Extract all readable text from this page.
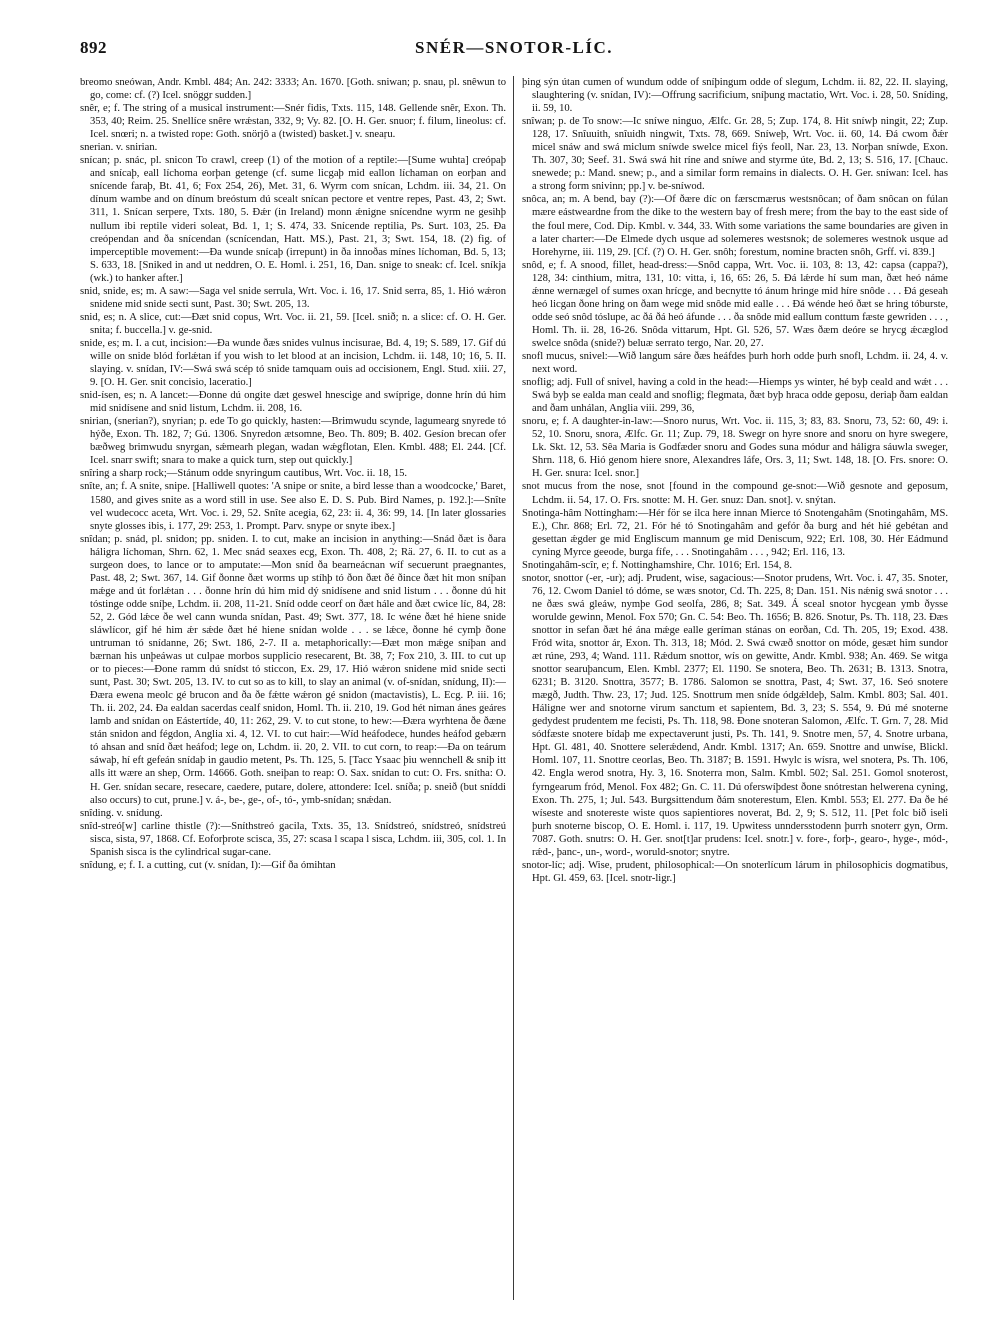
892	SNÉR—SNOTOR-LÍC.

breomo sneówan, Andr. Kmbl. 484; An. 242: 3333; An. 1670. [Goth. sniwan; p. snau, pl. snêwun to go, come: cf. (?) Icel. snöggr sudden.]

snêr, e; f. The string of a musical instrument:—Snér fidis, Txts. 115, 148. Gellende snêr, Exon. Th. 353, 40; Reim. 25. Snellíce snêre wrǽstan, 332, 9; Vy. 82. [O. H. Ger. snuor; f. filum, lineolus: cf. Icel. snœri; n. a twisted rope: Goth. snörjô a (twisted) basket.] v. sneaṛu.

snerian. v. snirian.

snícan; p. snác, pl. snicon To crawl, creep (1) of the motion of a reptile:—[Sume wuhta] creópaþ and snícaþ, eall líchoma eorþan getenge (cf. sume licgaþ mid eallon líchaman on eorþan and snícende faraþ, Bt. 41, 6; Fox 254, 26), Met. 31, 6. Wyrm com snícan, Lchdm. iii. 34, 21. On dínum wambe and on dínum breóstum dú scealt snícan pectore et ventre repes, Past. 43, 2; Swt. 311, 1. Snícan serpere, Txts. 180, 5. Ðǽr (in Ireland) monn ǽnigne snícendne wyrm ne gesihþ nullum ibi reptile videri soleat, Bd. 1, 1; S. 474, 33. Snícende reptilia, Ps. Surt. 103, 25. Ða creópendan and ða snícendan (scnícendan, Hatt. MS.), Past. 21, 3; Swt. 154, 18. (2) fig. of imperceptible movement:—Ða wunde snícaþ (irrepunt) in ða innoðas mínes líchoman, Bd. 5, 13; S. 633, 18. [Sniked in and ut neddren, O. E. Homl. i. 251, 16, Dan. snige to sneak: cf. Icel. sníkja (wk.) to hanker after.]

snid, snide, es; m. A saw:—Saga vel snide serrula, Wrt. Voc. i. 16, 17. Snid serra, 85, 1. Hió wǽron snidene mid snide secti sunt, Past. 30; Swt. 205, 13.

snid, es; n. A slice, cut:—Ðæt snid copus, Wrt. Voc. ii. 21, 59. [Icel. snið; n. a slice: cf. O. H. Ger. snita; f. buccella.] v. ge-snid.

snide, es; m. I. a cut, incision:—Ða wunde ðæs snides vulnus incisurae, Bd. 4, 19; S. 589, 17. Gif dú wille on snide blód forlǽtan if you wish to let blood at an incision, Lchdm. ii. 148, 10; 16, 5. II. slaying. v. snídan, IV:—Swá swá scép tó snide tamquam ouis ad occisionem, Engl. Stud. xiii. 27, 9. [O. H. Ger. snit concisio, laceratio.]

snid-ísen, es; n. A lancet:—Ðonne dú ongite dæt geswel hnescige and swíprige, donne hrín dú him mid snidísene and snid listum, Lchdm. ii. 208, 16.

snirian, (snerian?), snyrian; p. ede To go quickly, hasten:—Brimwudu scynde, lagumearg snyrede tó hýðe, Exon. Th. 182, 7; Gú. 1306. Snyredon ætsomne, Beo. Th. 809; B. 402. Gesíon brecan ofer bæðweg brimwudu snyrgan, sǽmearh plegan, wadan wǽgflotan, Elen. Kmbl. 488; El. 244. [Cf. Icel. snarr swift; snara to make a quick turn, step out quickly.]

snîring a sharp rock;—Stánum odde snyringum cautibus, Wrt. Voc. ii. 18, 15.

snîte, an; f. A snite, snipe. [Halliwell quotes: 'A snipe or snite, a bird lesse than a woodcocke,' Baret, 1580, and gives snite as a word still in use. See also E. D. S. Pub. Bird Names, p. 192.]:—Snîte vel wudecocc aceta, Wrt. Voc. i. 29, 52. Snîte acegia, 62, 23: ii. 4, 36: 99, 14. [In later glossaries snyte glosses ibis, i. 177, 29: 253, 1. Prompt. Parv. snype or snyte ibex.]

snîdan; p. snád, pl. snidon; pp. sniden. I. to cut, make an incision in anything:—Snád ðæt is ðara háligra líchoman, Shrn. 62, 1. Mec snád seaxes ecg, Exon. Th. 408, 2; Rä. 27, 6. II. to cut as a surgeon does, to lance or to amputate:—Mon sníd ða bearneácnan wíf secuerunt praegnantes, Past. 48, 2; Swt. 367, 14. Gif ðonne ðæt worms up stíhþ tó ðon ðæt ðé ðince ðæt hit mon sníþan mǽge and út forlǽtan . . . ðonne hrín dú him mid dý snidísene and snid listum . . . ðonne dú hit tóstinge odde sníþe, Lchdm. ii. 208, 11-21. Sníd odde ceorf on ðæt hále and ðæt cwice líc, 84, 28: 52, 2. Gód lǽce ðe wel cann wunda snídan, Past. 49; Swt. 377, 18. Ic wéne ðæt hé hiene snide sláwlícor, gif hé him ǽr sǽde ðæt hé hiene snídan wolde . . . se lǽce, ðonne hé cymþ ðone untruman tó snídanne, 26; Swt. 186, 2-7. II a. metaphorically:—Ðæt mon mǽge sníþan and bærnan his unþeáwas ut culpae morbos supplicio resecarent, Bt. 38, 7; Fox 210, 3. III. to cut up or to pieces:—Ðone ramm dú snídst tó sticcon, Ex. 29, 17. Hió wǽron snidene mid snide secti sunt, Past. 30; Swt. 205, 13. IV. to cut so as to kill, to slay an animal (v. of-snídan, snídung, II):—Ðæra ewena meolc gé brucon and ða ðe fǽtte wǽron gé snidon (mactavistis), L. Ecg. P. iii. 16; Th. ii. 202, 24. Ða ealdan sacerdas cealf snidon, Homl. Th. ii. 210, 19. God hét niman ánes geáres lamb and snídan on Eástertíde, 40, 11: 262, 29. V. to cut stone, to hew:—Ðæra wyrhtena ðe ðæne stán snidon and fégdon, Anglia xi. 4, 12. VI. to cut hair:—Wíd heáfodece, hundes heáfod gebærn tó ahsan and sníd ðæt heáfod; lege on, Lchdm. ii. 20, 2. VII. to cut corn, to reap:—Ða on teárum sáwaþ, hí eft gefeán snídaþ in gaudio metent, Ps. Th. 125, 5. [Tacc Ysaac þiu wennchell & sniþ itt alls itt wære an shep, Orm. 14666. Goth. sneiþan to reap: O. Sax. snídan to cut: O. Frs. snítha: O. H. Ger. snídan secare, resecare, caedere, putare, dolere, attondere: Icel. sníða; p. sneið (but sníddi also occurs) to cut, prune.] v. á-, be-, ge-, of-, tó-, ymb-snídan; snǽdan.

snîding. v. snídung.

snîd-streó[w] carline thistle (?):—Sníthstreó gacila, Txts. 35, 13. Snídstreó, snídstreó, snídstreú sisca, sista, 97, 1868. Cf. Eoforþrote scisca, 35, 27: scasa l scapa l sisca, Lchdm. iii, 305, col. 1. In Spanish sisca is the cylindrical sugar-cane.

snîdung, e; f. I. a cutting, cut (v. snídan, I):—Gif ða ómihtan

þing sýn útan cumen of wundum odde of sníþingum odde of slegum, Lchdm. ii. 82, 22. II. slaying, slaughtering (v. snídan, IV):—Offrung sacrificium, sníþung mactatio, Wrt. Voc. i. 28, 50. Sníding, ii. 59, 10.

snîwan; p. de To snow:—Ic sníwe ninguo, Ælfc. Gr. 28, 5; Zup. 174, 8. Hit sníwþ ningit, 22; Zup. 128, 17. Snîuuith, snîuidh ningwit, Txts. 78, 669. Sníweþ, Wrt. Voc. ii. 60, 14. Ðá cwom ðǽr micel snáw and swá miclum sníwde swelce micel fiýs feoll, Nar. 23, 13. Norþan sníwde, Exon. Th. 307, 30; Seef. 31. Swá swá hit ríne and sníwe and styrme úte, Bd. 2, 13; S. 516, 17. [Chauc. snewede; p.: Mand. snew; p., and a similar form remains in dialects. O. H. Ger. sníwan: Icel. has a strong form snivinn; pp.] v. be-sníwod.

snôca, an; m. A bend, bay (?):—Of ðære díc on færscmærus westsnôcan; of ðam snôcan on fúlan mære eástweardne from the dike to the western bay of fresh mere; from the bay to the east side of the foul mere, Cod. Dip. Kmbl. v. 344, 33. With some variations the same boundaries are given in a later charter:—De Elmede dych usque ad solemeres westsnok; de solemeres westnok usque ad Horehyrne, iii. 119, 29. [Cf. (?) O. H. Ger. snôh; forestum, nomine bracten snôh, Grff. vi. 839.]

snôd, e; f. A snood, fillet, head-dress:—Snôd cappa, Wrt. Voc. ii. 103, 8: 13, 42: capsa (cappa?), 128, 34: cinthium, mitra, 131, 10: vitta, i, 16, 65: 26, 5. Ðá lǽrde hí sum man, ðæt heó náme ǽnne wernægel of sumes oxan hrícge, and becnytte tó ánum hringe mid híre snôde . . . Ðá geseah heó licgan ðone hring on ðam wege mid snôde mid ealle . . . Ðá wénde heó ðæt se hring tóburste, odde seó snôd tóslupe, ac ðá ðá heó áfunde . . . ða snôde mid eallum conttum fæste gewriden . . . , Homl. Th. ii. 28, 16-26. Snôda vittarum, Hpt. Gl. 526, 57. Wæs ðæm deóre se hrycg ǽcæglod swelce snôda (snide?) beluæ serrato tergo, Nar. 20, 27.

snofl mucus, snivel:—Wið langum sáre ðæs heáfdes þurh horh odde þurh snofl, Lchdm. ii. 24, 4. v. next word.

snoflig; adj. Full of snivel, having a cold in the head:—Hiemps ys winter, hé byþ ceald and wǽt . . . Swá byþ se ealda man ceald and snoflig; flegmata, ðæt byþ hraca odde geposu, deriaþ ðam ealdan and ðam unhálan, Anglia viii. 299, 36,

snoru, e; f. A daughter-in-law:—Snoro nurus, Wrt. Voc. ii. 115, 3; 83, 83. Snoru, 73, 52: 60, 49: i. 52, 10. Snoru, snora, Ælfc. Gr. 11; Zup. 79, 18. Swegr on hyre snore and snoru on hyre swegere, Lk. Skt. 12, 53. Sêa Maria is Godfæder snoru and Godes suna módur and háligra sáuwla sweger, Shrn. 118, 6. Hió genom hiere snore, Alexandres láfe, Ors. 3, 11; Swt. 148, 18. [O. Frs. snore: O. H. Ger. snura: Icel. snor.]

snot mucus from the nose, snot [found in the compound ge-snot:—Wið gesnote and geposum, Lchdm. ii. 54, 17. O. Frs. snotte: M. H. Ger. snuz: Dan. snot]. v. snýtan.

Snotinga-hâm Nottingham:—Hér för se ilca here innan Mierce tó Snotengahâm (Snotingahâm, MS. E.), Chr. 868; Erl. 72, 21. Fór hé tó Snotingahâm and gefór ða burg and hét hié gebétan and gesettan ǽgder ge mid Engliscum mannum ge mid Deniscum, 922; Erl. 108, 30. Hér Eádmund cyning Myrce geeode, burga fífe, . . . Snotingahâm . . . , 942; Erl. 116, 13.

Snotingahâm-scîr, e; f. Nottinghamshire, Chr. 1016; Erl. 154, 8.

snotor, snottor (-er, -ur); adj. Prudent, wise, sagacious:—Snotor prudens, Wrt. Voc. i. 47, 35. Snoter, 76, 12. Cwom Daniel tó dóme, se wæs snotor, Cd. Th. 225, 8; Dan. 151. Nis nǽnig swá snotor . . . ne ðæs swá gleáw, nymþe God seolfa, 286, 8; Sat. 349. Á sceal snotor hycgean ymb ðysse worulde gewinn, Menol. Fox 570; Gn. C. 54: Beo. Th. 1656; B. 826. Snotur, Ps. Th. 118, 23. Ðæs snottor in sefan ðæt hé ána mǽge ealle geríman stánas on eorðan, Cd. Th. 205, 19; Exod. 438. Fród wita, snottor ár, Exon. Th. 313, 18; Mód. 2. Swá cwæð snottor on móde, gesæt him sundor æt rúne, 293, 4; Wand. 111. Rǽdum snottor, wís on gewitte, Andr. Kmbl. 938; An. 469. Se witga snottor searuþancum, Elen. Kmbl. 2377; El. 1190. Se snotera, Beo. Th. 2631; B. 1313. Snotra, 6231; B. 3120. Snottra, 3577; B. 1786. Salomon se snottra, Past, 4; Swt. 37, 16. Seó snotere mægð, Judth. Thw. 23, 17; Jud. 125. Snottrum men sníde ódgǽldeþ, Salm. Kmbl. 803; Sal. 401. Háligne wer and snotorne virum sanctum et sapientem, Bd. 3, 23; S. 554, 9. Ðú mé snoterne gedydest prudentem me fecisti, Ps. Th. 118, 98. Ðone snoteran Salomon, Ælfc. T. Grn. 7, 28. Mid sódfæste snotere bídaþ me expectaverunt justi, Ps. Th. 141, 9. Snotre men, 57, 4. Snotre urbana, Hpt. Gl. 481, 40. Snottere selerǽdend, Andr. Kmbl. 1317; An. 659. Snottre and unwíse, Blickl. Homl. 107, 11. Snottre ceorlas, Beo. Th. 3187; B. 1591. Hwylc is wísra, wel snotera, Ps. Th. 106, 42. Engla werod snotra, Hy. 3, 16. Snoterra mon, Salm. Kmbl. 502; Sal. 251. Gomol snoterost, fyrngearum fród, Menol. Fox 482; Gn. C. 11. Dú oferswíþdest ðone snótrestan helwerena cyning, Exon. Th. 275, 1; Jul. 543. Burgsittendum ðám snoterestum, Elen. Kmbl. 553; El. 277. Ða ðe hé wíseste and snotereste wiste quos sapientiores noverat, Bd. 2, 9; S. 512, 11. [Pet folc bið iseli þurh snoterne biscop, O. E. Homl. i. 117, 19. Upwitess unndersstodenn þurrh snoterr gyn, Orm. 7087. Goth. snutrs: O. H. Ger. snot[t]ar prudens: Icel. snotr.] v. fore-, forþ-, gearo-, hyge-, mód-, rǽd-, þanc-, un-, word-, woruld-snotor; snytre.

snotor-líc; adj. Wise, prudent, philosophical:—On snoterlícum lárum in philosophicis dogmatibus, Hpt. Gl. 459, 63. [Icel. snotr-ligr.]
